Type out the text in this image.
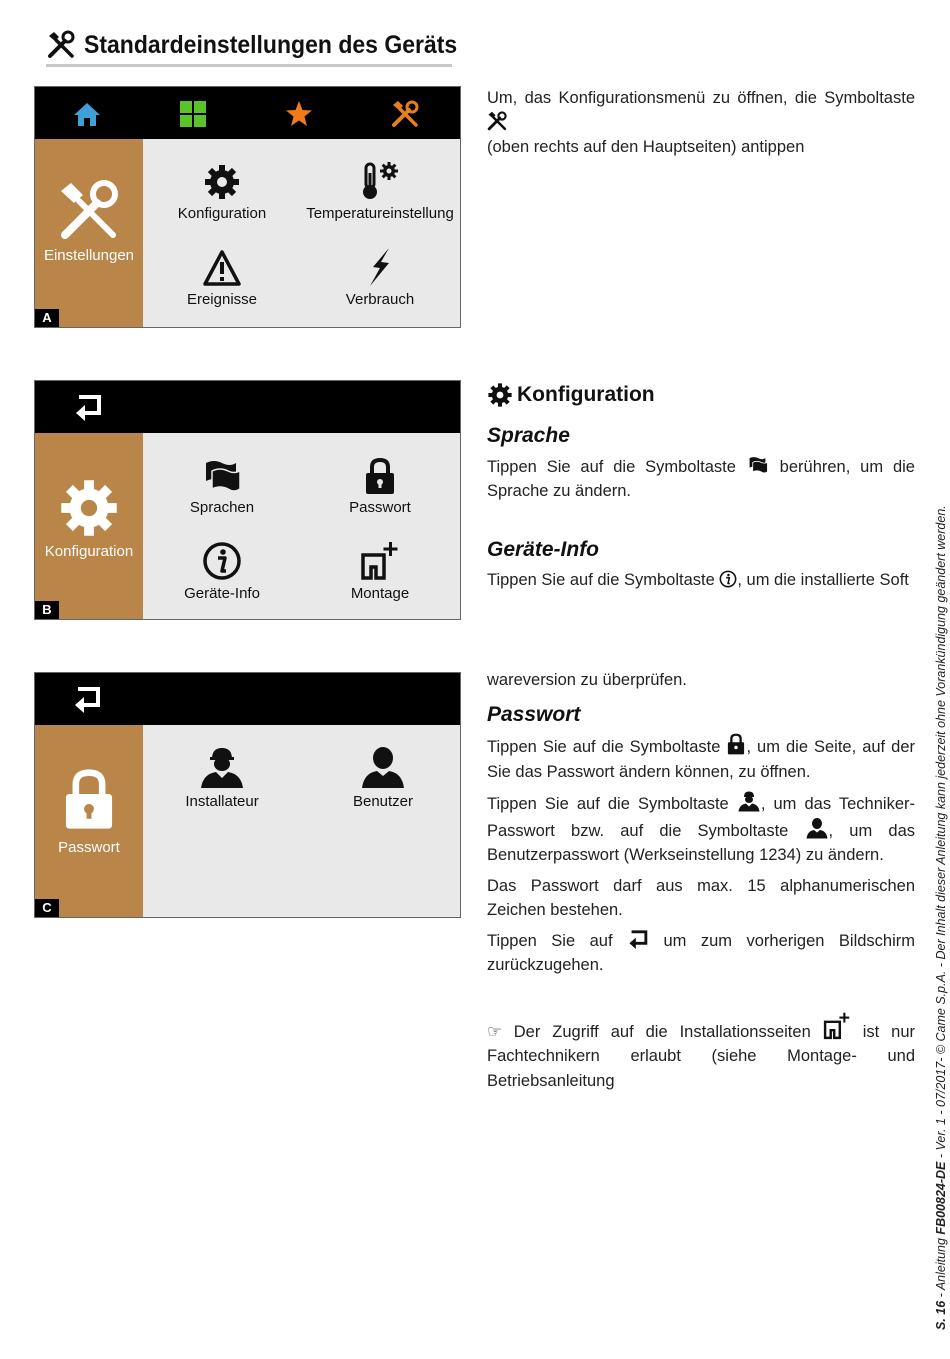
Standardeinstellungen des Geräts
Einstellungen
Konfiguration	Temperatureinstellung
Ereignisse	Verbrauch
A
Konfiguration
Sprachen	Passwort
Geräte-Info	Montage
B
Passwort
Installateur	Benutzer
C

Um, das Konfigurationsmenü zu öffnen, die Symboltaste
(oben rechts auf den Hauptseiten) antippen

Konfiguration
Sprache

Tippen Sie auf die Symboltaste	berühren, um die Sprache zu ändern.

Geräte-Info

Tippen Sie auf die Symboltaste , um die installierte Soft

wareversion zu überprüfen.

Passwort

Tippen Sie auf die Symboltaste , um die Seite, auf der Sie das Passwort ändern können, zu öffnen.

Tippen Sie auf die Symboltaste , um das Techniker-Passwort bzw. auf die Symboltaste , um das Benutzerpasswort (Werkseinstellung 1234) zu ändern.

Das Passwort darf aus max. 15 alphanumerischen Zeichen bestehen.

Tippen Sie auf	um zum vorherigen Bildschirm zurückzugehen.

☞ Der Zugriff auf die Installationsseiten	ist nur Fachtechnikern erlaubt (siehe Montage- und Betriebsanleitung

S. 16 - Anleitung FB00824-DE - Ver. 1 - 07/2017- © Came S.p.A. - Der Inhalt dieser Anleitung kann jederzeit ohne Vorankündigung geändert werden.
